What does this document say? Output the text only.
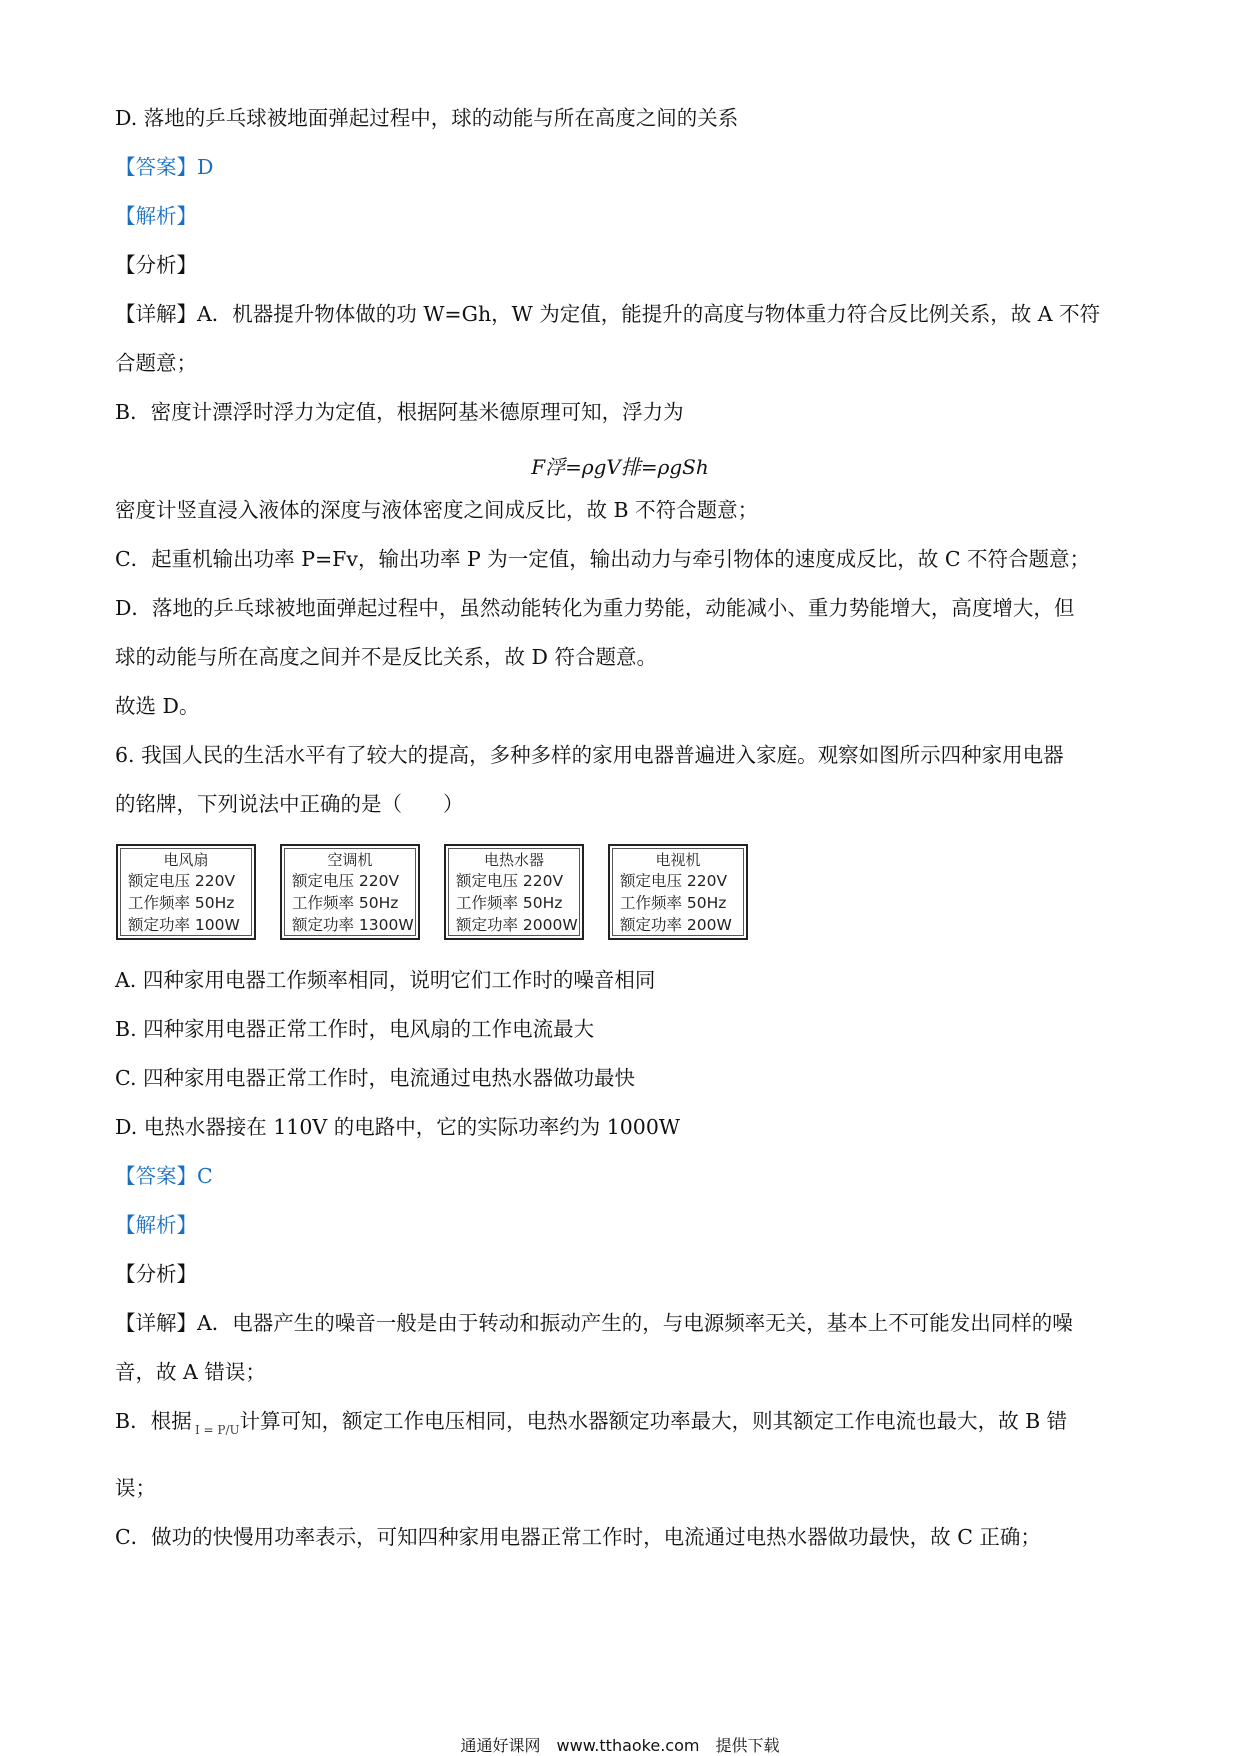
D. 落地的乒乓球被地面弹起过程中，球的动能与所在高度之间的关系
【答案】D
【解析】
【分析】
【详解】A．机器提升物体做的功 W=Gh，W 为定值，能提升的高度与物体重力符合反比例关系，故 A 不符
合题意；
B．密度计漂浮时浮力为定值，根据阿基米德原理可知，浮力为
F浮=ρgV排=ρgSh
密度计竖直浸入液体的深度与液体密度之间成反比，故 B 不符合题意；
C．起重机输出功率 P=Fv，输出功率 P 为一定值，输出动力与牵引物体的速度成反比，故 C 不符合题意；
D．落地的乒乓球被地面弹起过程中，虽然动能转化为重力势能，动能减小、重力势能增大，高度增大，但
球的动能与所在高度之间并不是反比关系，故 D 符合题意。
故选 D。
6. 我国人民的生活水平有了较大的提高，多种多样的家用电器普遍进入家庭。观察如图所示四种家用电器
的铭牌，下列说法中正确的是（　　）
电风扇
额定电压 220V
工作频率 50Hz
额定功率 100W
空调机
额定电压 220V
工作频率 50Hz
额定功率 1300W
电热水器
额定电压 220V
工作频率 50Hz
额定功率 2000W
电视机
额定电压 220V
工作频率 50Hz
额定功率 200W
A. 四种家用电器工作频率相同，说明它们工作时的噪音相同
B. 四种家用电器正常工作时，电风扇的工作电流最大
C. 四种家用电器正常工作时，电流通过电热水器做功最快
D. 电热水器接在 110V 的电路中，它的实际功率约为 1000W
【答案】C
【解析】
【分析】
【详解】A．电器产生的噪音一般是由于转动和振动产生的，与电源频率无关，基本上不可能发出同样的噪
音，故 A 错误；
B．根据 计算可知，额定工作电压相同，电热水器额定功率最大，则其额定工作电流也最大，故 B 错
I = P/U
误；
C．做功的快慢用功率表示，可知四种家用电器正常工作时，电流通过电热水器做功最快，故 C 正确；
通通好课网　www.tthaoke.com　提供下载
